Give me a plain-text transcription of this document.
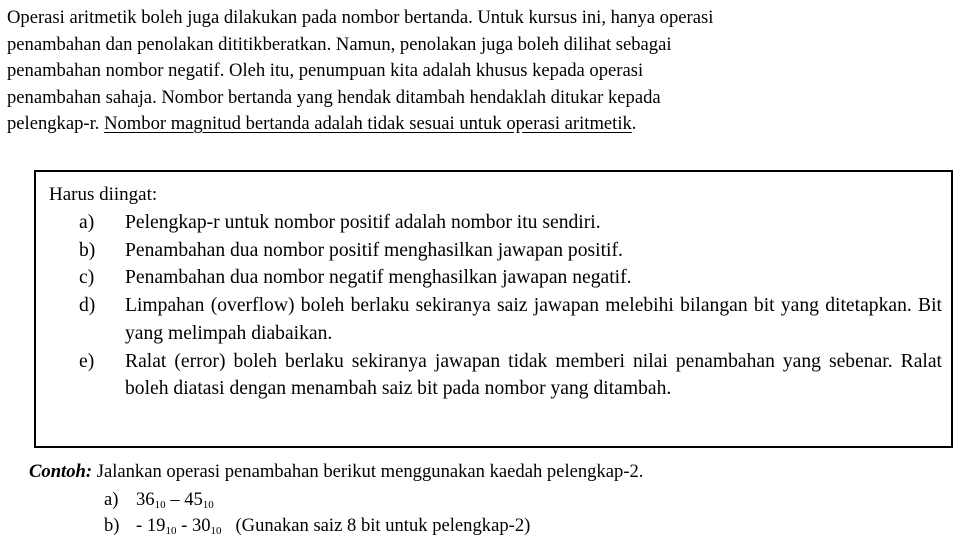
Operasi aritmetik boleh juga dilakukan pada nombor bertanda. Untuk kursus ini, hanya operasi
penambahan dan penolakan dititikberatkan. Namun, penolakan juga boleh dilihat sebagai
penambahan nombor negatif. Oleh itu, penumpuan kita adalah khusus kepada operasi
penambahan sahaja. Nombor bertanda yang hendak ditambah hendaklah ditukar kepada
pelengkap-r. Nombor magnitud bertanda adalah tidak sesuai untuk operasi aritmetik.
Harus diingat:
a) Pelengkap-r untuk nombor positif adalah nombor itu sendiri.
b) Penambahan dua nombor positif menghasilkan jawapan positif.
c) Penambahan dua nombor negatif menghasilkan jawapan negatif.
d) Limpahan (overflow) boleh berlaku sekiranya saiz jawapan melebihi bilangan bit yang ditetapkan. Bit yang melimpah diabaikan.
e) Ralat (error) boleh berlaku sekiranya jawapan tidak memberi nilai penambahan yang sebenar. Ralat boleh diatasi dengan menambah saiz bit pada nombor yang ditambah.
Contoh: Jalankan operasi penambahan berikut menggunakan kaedah pelengkap-2.
a) $36_{10} - 45_{10}$
$b) - 19_{10} - 30_{10}$   (Gunakan saiz 8 bit untuk pelengkap-2)
